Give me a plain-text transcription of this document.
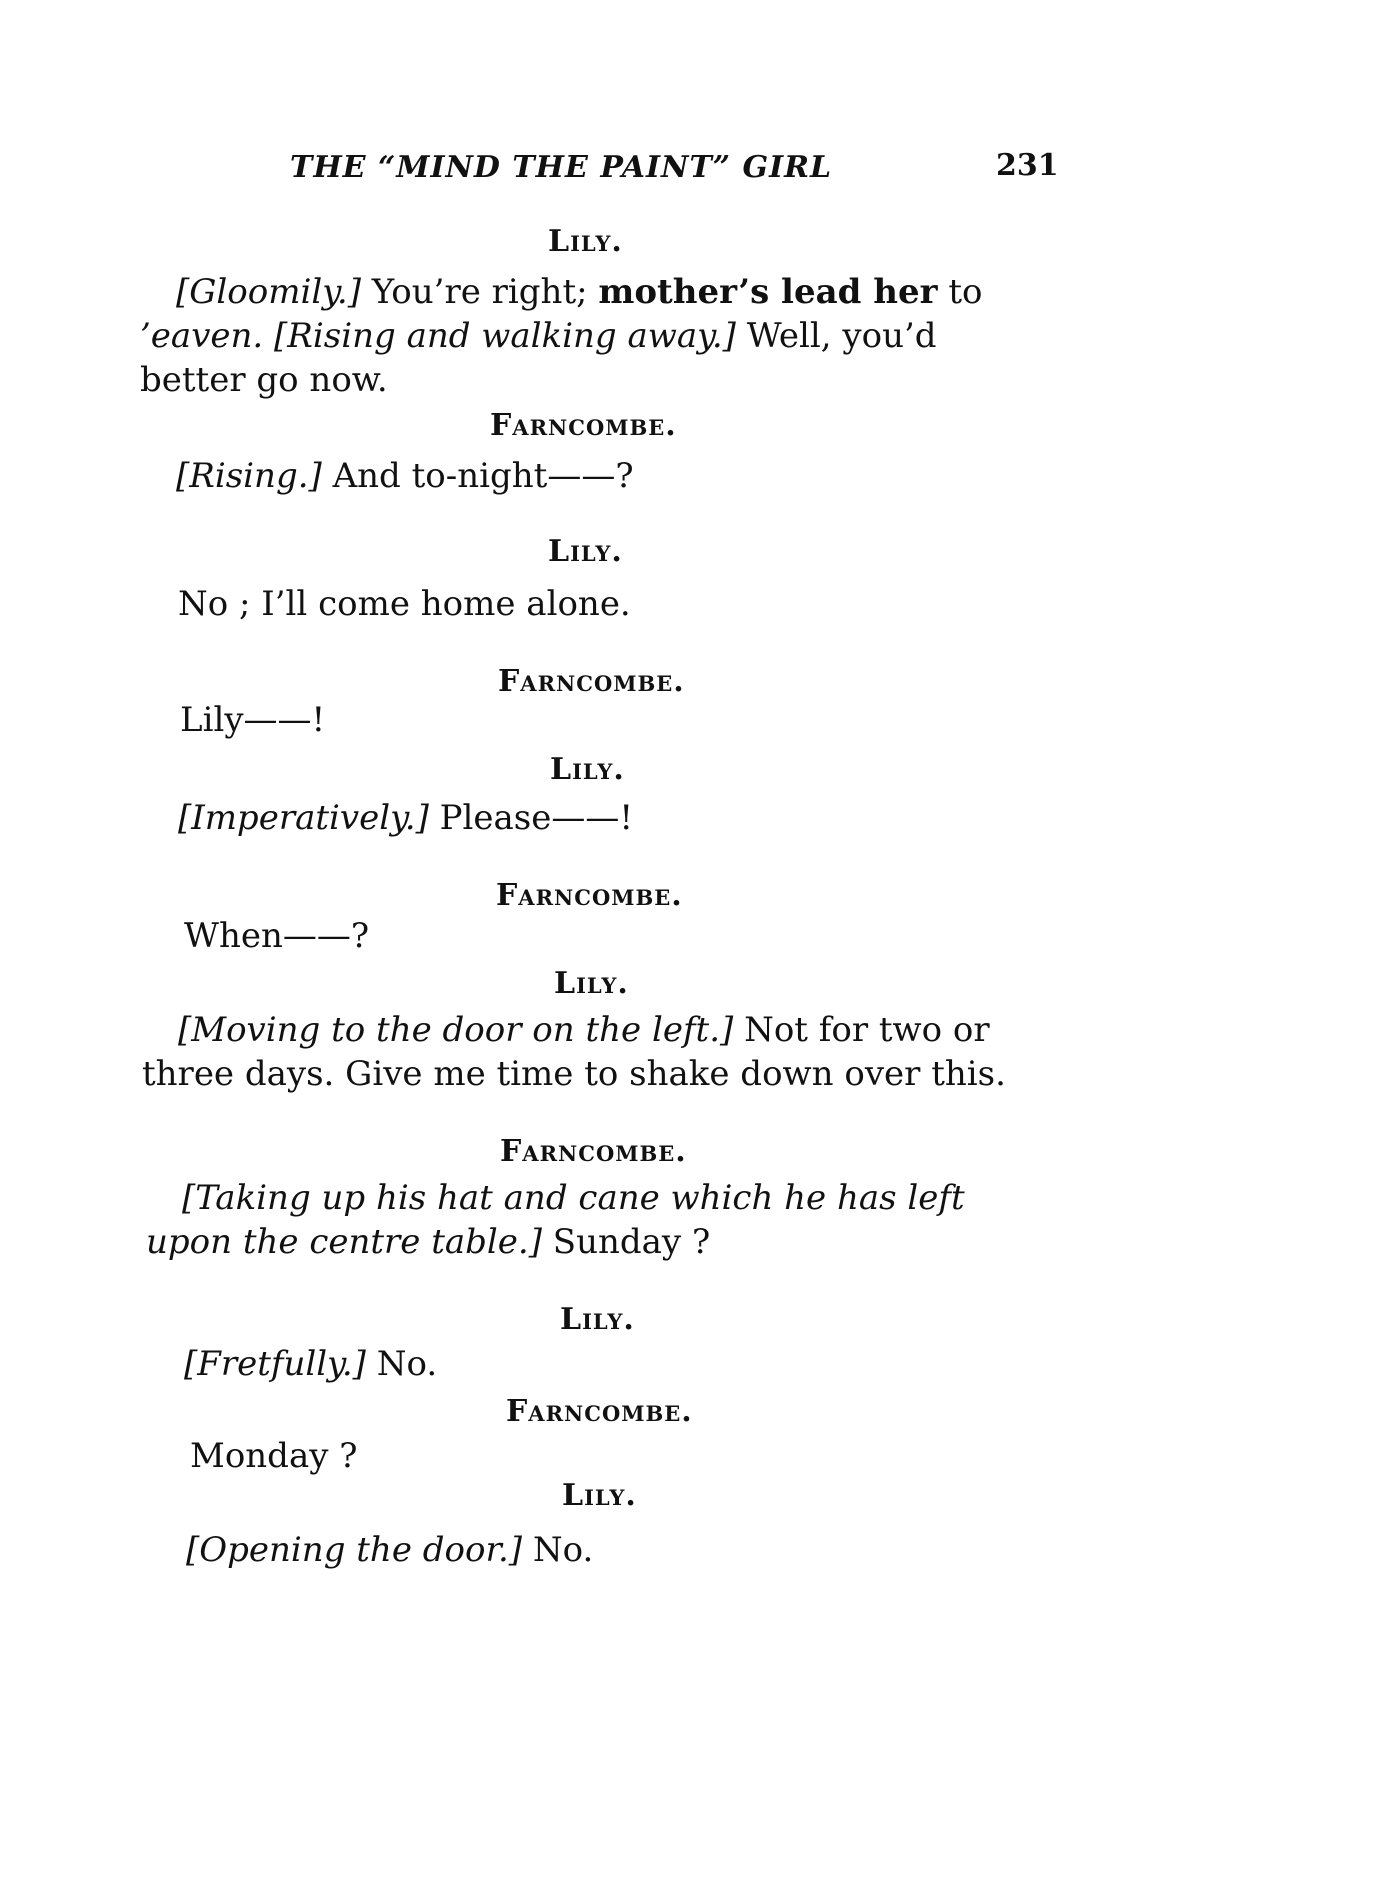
THE “MIND THE PAINT” GIRL	231
Lily.
[Gloomily.] You’re right; mother’s lead her to ’eaven. [Rising and walking away.] Well, you’d better go now.
Farncombe.
[Rising.] And to-night——?
Lily.
No ; I’ll come home alone.
Farncombe.
Lily——!
Lily.
[Imperatively.] Please——!
Farncombe.
When——?
Lily.
[Moving to the door on the left.] Not for two or three days. Give me time to shake down over this.
Farncombe.
[Taking up his hat and cane which he has left upon the centre table.] Sunday ?
Lily.
[Fretfully.] No.
Farncombe.
Monday ?
Lily.
[Opening the door.] No.
